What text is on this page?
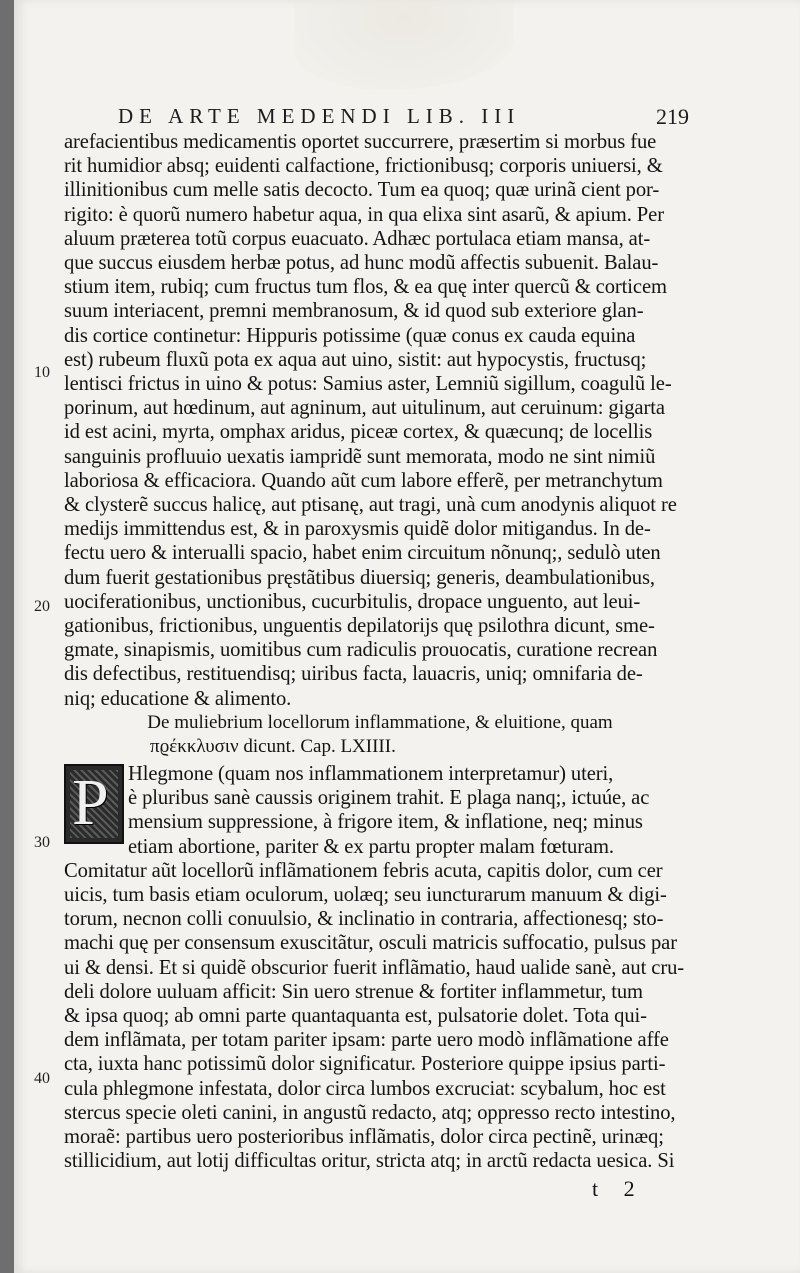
DE ARTE MEDENDI LIB. III	219
arefacientibus medicamentis oportet succurrere, præsertim si morbus fue
rit humidior absq; euidenti calfactione, frictionibusq; corporis uniuersi, &
illinitionibus cum melle satis decocto. Tum ea quoq; quæ urinã cient por-
rigito: è quorũ numero habetur aqua, in qua elixa sint asarũ, & apium. Per
aluum præterea totũ corpus euacuato. Adhæc portulaca etiam mansa, at-
que succus eiusdem herbæ potus, ad hunc modũ affectis subuenit. Balau-
stium item, rubiq; cum fructus tum flos, & ea quę inter quercũ & corticem
suum interiacent, premni membranosum, & id quod sub exteriore glan-
dis cortice continetur: Hippuris potissime (quæ conus ex cauda equina
est) rubeum fluxũ pota ex aqua aut uino, sistit: aut hypocystis, fructusq;
lentisci frictus in uino & potus: Samius aster, Lemniũ sigillum, coagulũ le-
porinum, aut hœdinum, aut agninum, aut uitulinum, aut ceruinum: gigarta
id est acini, myrta, omphax aridus, piceæ cortex, & quæcunq; de locellis
sanguinis profluuio uexatis iampridẽ sunt memorata, modo ne sint nimiũ
laboriosa & efficaciora. Quando aũt cum labore efferẽ, per metranchytum
& clysterẽ succus halicę, aut ptisanę, aut tragi, unà cum anodynis aliquot re
medijs immittendus est, & in paroxysmis quidẽ dolor mitigandus. In de-
fectu uero & interualli spacio, habet enim circuitum nõnunq;, sedulò uten
dum fuerit gestationibus pręstãtibus diuersiq; generis, deambulationibus,
uociferationibus, unctionibus, cucurbitulis, dropace unguento, aut leui-
gationibus, frictionibus, unguentis depilatorijs quę psilothra dicunt, sme-
gmate, sinapismis, uomitibus cum radiculis prouocatis, curatione recrean
dis defectibus, restituendisq; uiribus facta, lauacris, uniq; omnifaria de-
niq; educatione & alimento.
De muliebrium locellorum inflammatione, & eluitione, quam
πϱέκκλυσιν dicunt. Cap. LXIIII.
P Hlegmone (quam nos inflammationem interpretamur) uteri,
è pluribus sanè caussis originem trahit. E plaga nanq;, ictuúe, ac
mensium suppressione, à frigore item, & inflatione, neq; minus
etiam abortione, pariter & ex partu propter malam fœturam.
Comitatur aũt locellorũ inflãmationem febris acuta, capitis dolor, cum cer
uicis, tum basis etiam oculorum, uolæq; seu iuncturarum manuum & digi-
torum, necnon colli conuulsio, & inclinatio in contraria, affectionesq; sto-
machi quę per consensum exuscitãtur, osculi matricis suffocatio, pulsus par
ui & densi. Et si quidẽ obscurior fuerit inflãmatio, haud ualide sanè, aut cru-
deli dolore uuluam afficit: Sin uero strenue & fortiter inflammetur, tum
& ipsa quoq; ab omni parte quantaquanta est, pulsatorie dolet. Tota qui-
dem inflãmata, per totam pariter ipsam: parte uero modò inflãmatione affe
cta, iuxta hanc potissimũ dolor significatur. Posteriore quippe ipsius parti-
cula phlegmone infestata, dolor circa lumbos excruciat: scybalum, hoc est
stercus specie oleti canini, in angustũ redacto, atq; oppresso recto intestino,
moraẽ: partibus uero posterioribus inflãmatis, dolor circa pectinẽ, urinæq;
stillicidium, aut lotij difficultas oritur, stricta atq; in arctũ redacta uesica. Si
10
20
30
40
t 2
